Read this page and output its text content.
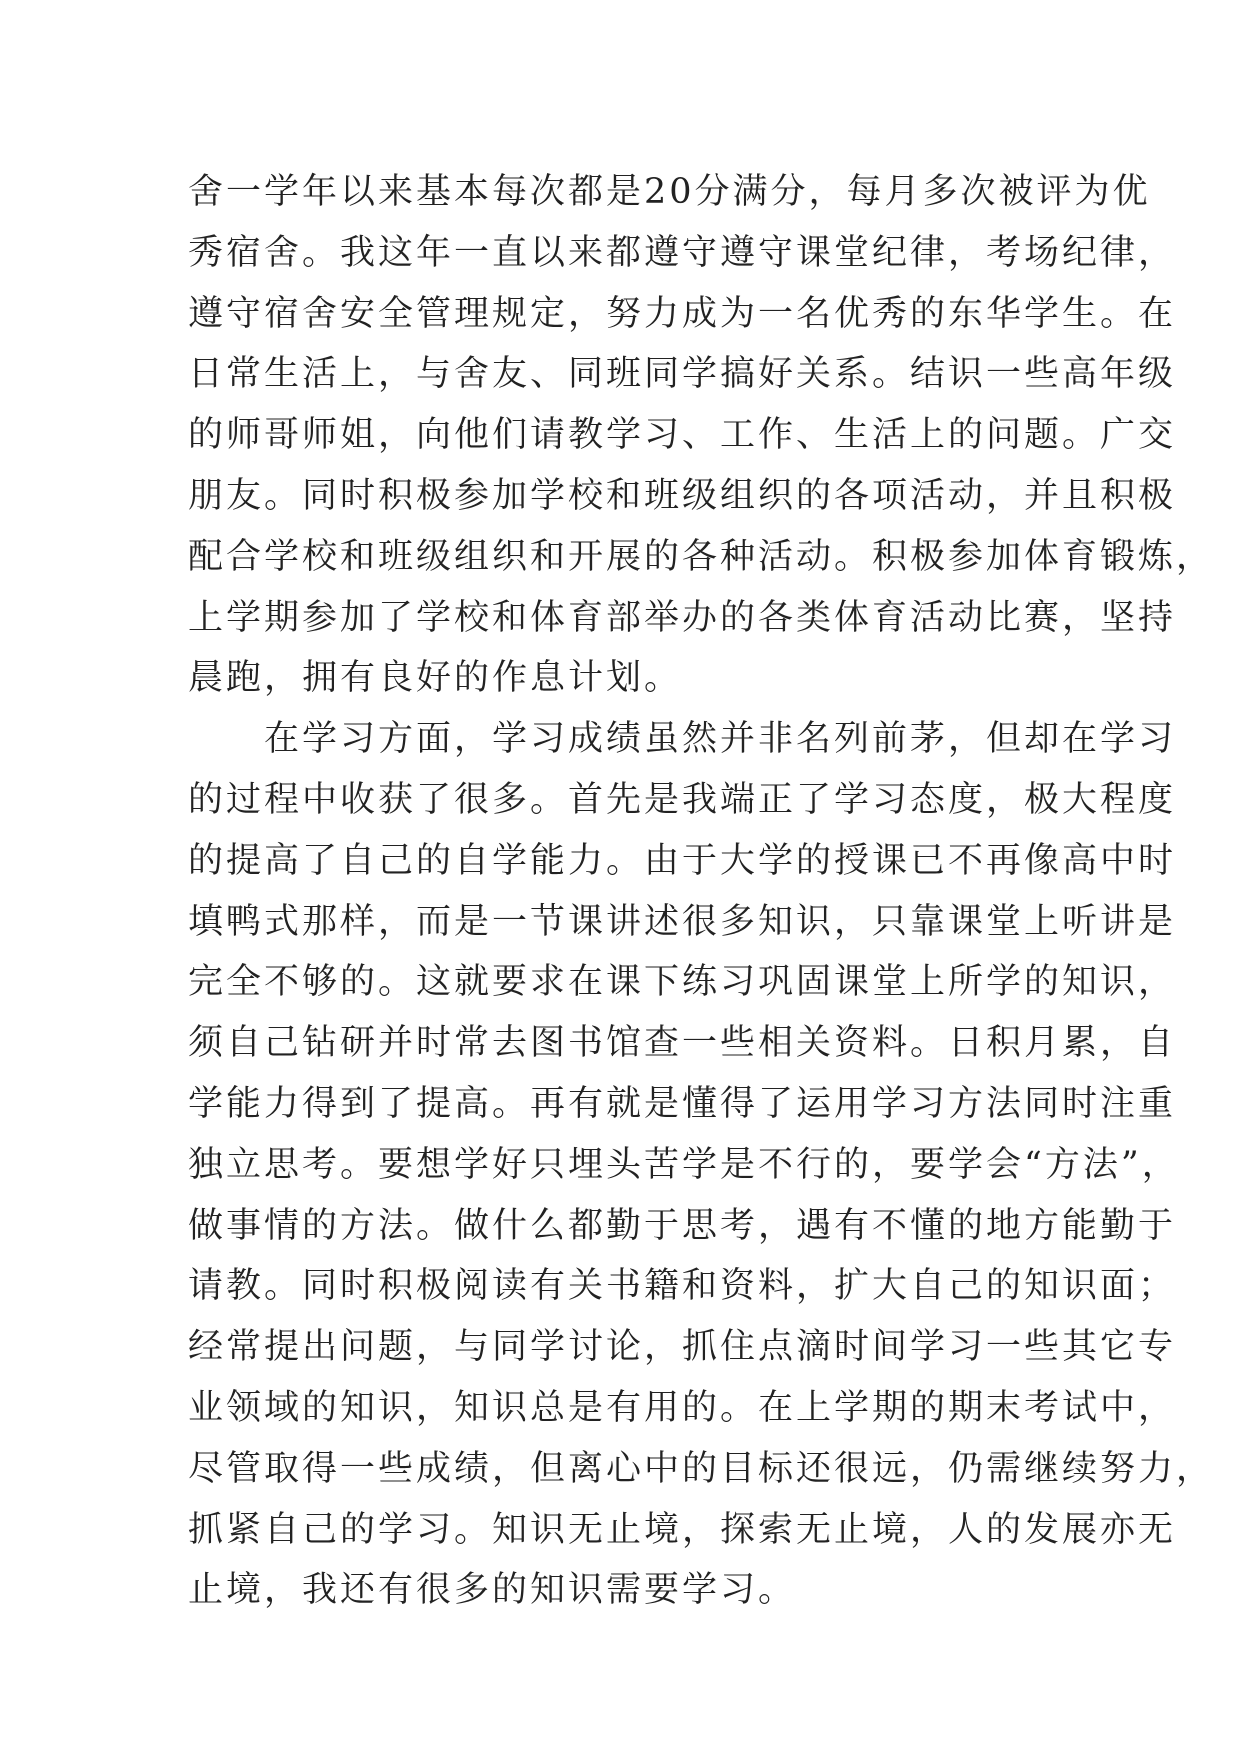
舍一学年以来基本每次都是20分满分，每月多次被评为优
秀宿舍。我这年一直以来都遵守遵守课堂纪律，考场纪律，
遵守宿舍安全管理规定，努力成为一名优秀的东华学生。在
日常生活上，与舍友、同班同学搞好关系。结识一些高年级
的师哥师姐，向他们请教学习、工作、生活上的问题。广交
朋友。同时积极参加学校和班级组织的各项活动，并且积极
配合学校和班级组织和开展的各种活动。积极参加体育锻炼，
上学期参加了学校和体育部举办的各类体育活动比赛，坚持
晨跑，拥有良好的作息计划。
　　在学习方面，学习成绩虽然并非名列前茅，但却在学习
的过程中收获了很多。首先是我端正了学习态度，极大程度
的提高了自己的自学能力。由于大学的授课已不再像高中时
填鸭式那样，而是一节课讲述很多知识，只靠课堂上听讲是
完全不够的。这就要求在课下练习巩固课堂上所学的知识，
须自己钻研并时常去图书馆查一些相关资料。日积月累，自
学能力得到了提高。再有就是懂得了运用学习方法同时注重
独立思考。要想学好只埋头苦学是不行的，要学会“方法”，
做事情的方法。做什么都勤于思考，遇有不懂的地方能勤于
请教。同时积极阅读有关书籍和资料，扩大自己的知识面；
经常提出问题，与同学讨论，抓住点滴时间学习一些其它专
业领域的知识，知识总是有用的。在上学期的期末考试中，
尽管取得一些成绩，但离心中的目标还很远，仍需继续努力，
抓紧自己的学习。知识无止境，探索无止境，人的发展亦无
止境，我还有很多的知识需要学习。
